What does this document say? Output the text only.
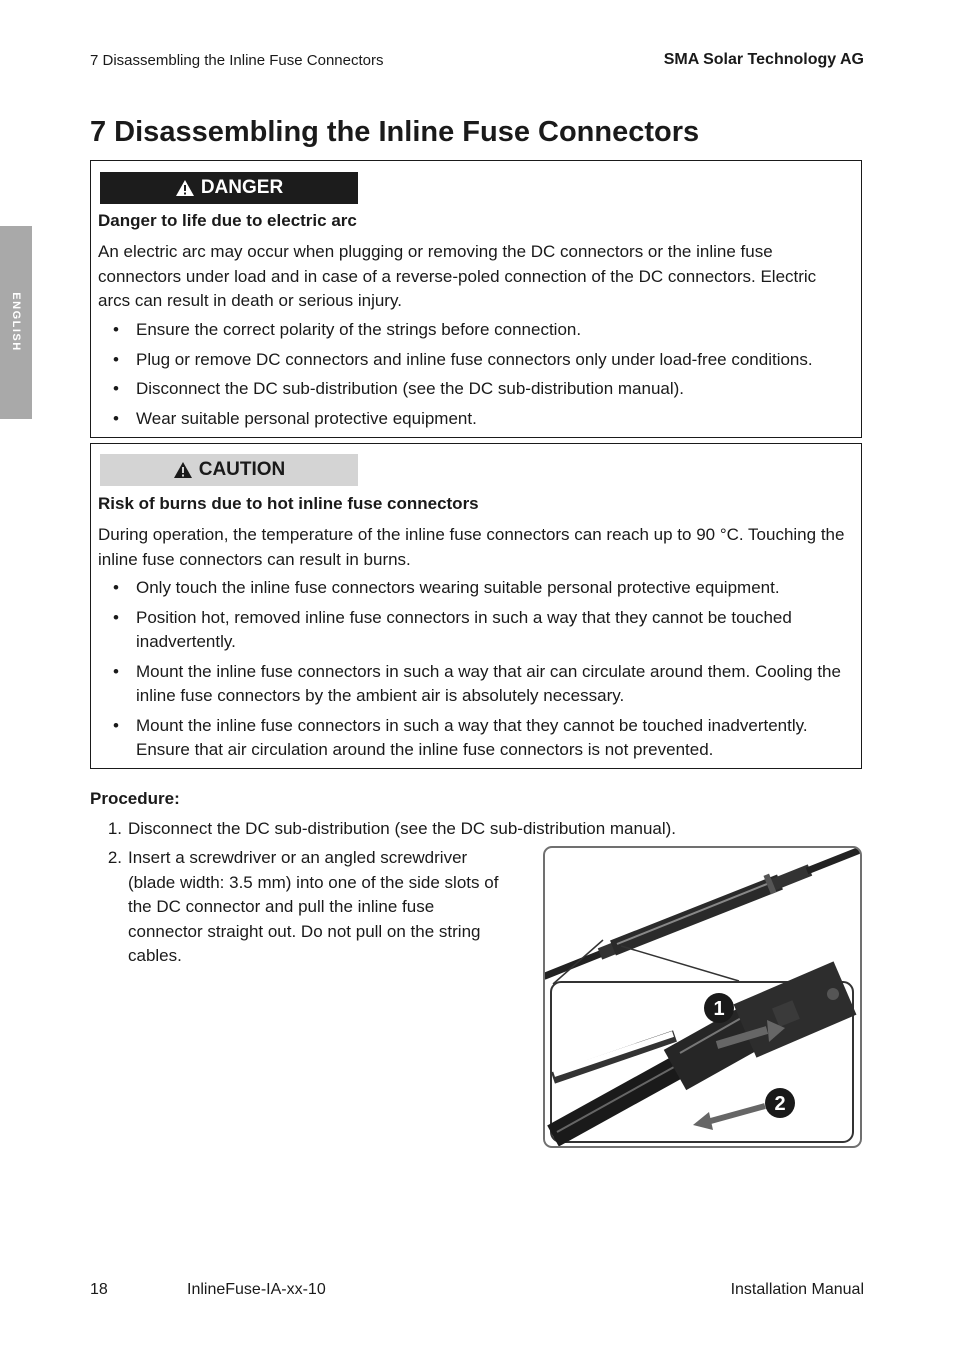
7 Disassembling the Inline Fuse Connectors	SMA Solar Technology AG
ENGLISH
7 Disassembling the Inline Fuse Connectors
DANGER
Danger to life due to electric arc
An electric arc may occur when plugging or removing the DC connectors or the inline fuse connectors under load and in case of a reverse-poled connection of the DC connectors. Electric arcs can result in death or serious injury.
• Ensure the correct polarity of the strings before connection.
• Plug or remove DC connectors and inline fuse connectors only under load-free conditions.
• Disconnect the DC sub-distribution (see the DC sub-distribution manual).
• Wear suitable personal protective equipment.
CAUTION
Risk of burns due to hot inline fuse connectors
During operation, the temperature of the inline fuse connectors can reach up to 90 °C. Touching the inline fuse connectors can result in burns.
• Only touch the inline fuse connectors wearing suitable personal protective equipment.
• Position hot, removed inline fuse connectors in such a way that they cannot be touched inadvertently.
• Mount the inline fuse connectors in such a way that air can circulate around them. Cooling the inline fuse connectors by the ambient air is absolutely necessary.
• Mount the inline fuse connectors in such a way that they cannot be touched inadvertently. Ensure that air circulation around the inline fuse connectors is not prevented.
Procedure:
1. Disconnect the DC sub-distribution (see the DC sub-distribution manual).
2. Insert a screwdriver or an angled screwdriver (blade width: 3.5 mm) into one of the side slots of the DC connector and pull the inline fuse connector straight out. Do not pull on the string cables.
1
2
18	InlineFuse-IA-xx-10	Installation Manual
